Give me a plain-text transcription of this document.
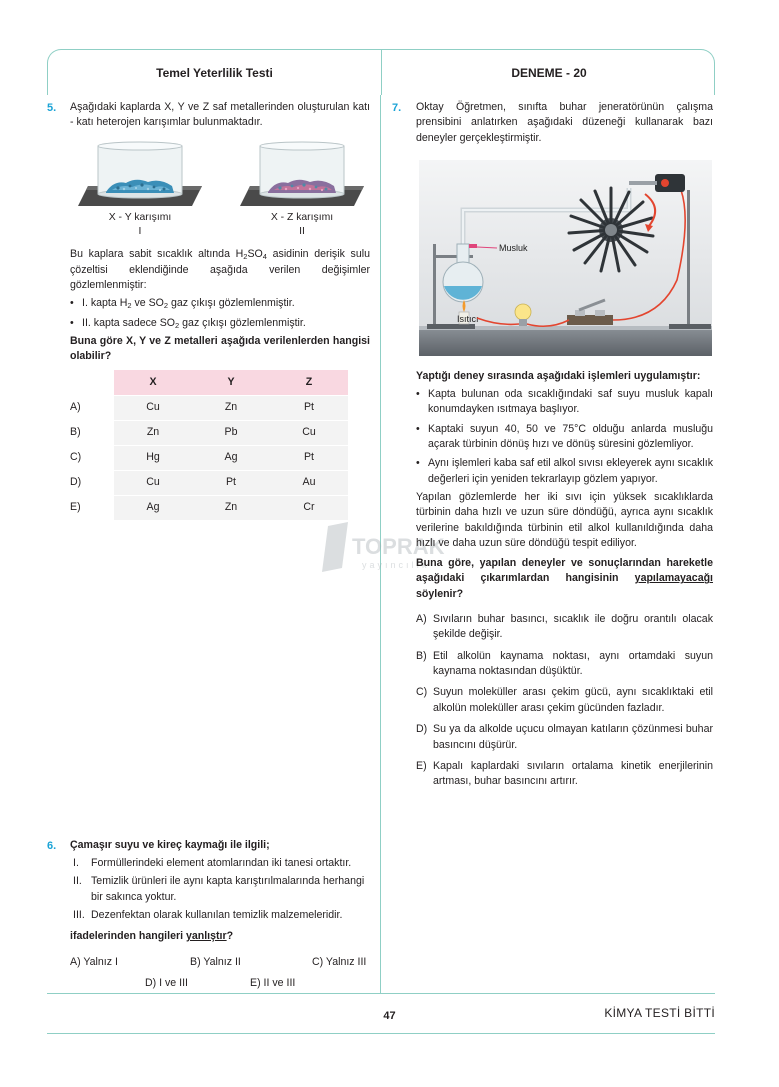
Temel Yeterlilik Testi	DENEME - 20
5. Aşağıdaki kaplarda X, Y ve Z saf metallerinden oluşturulan katı - katı heterojen karışımlar bulunmaktadır.
X - Y karışımı
I
X - Z karışımı
II
Bu kaplara sabit sıcaklık altında $H_2SO_4$ asidinin derişik sulu çözeltisi eklendiğinde aşağıda verilen değişimler gözlemlenmiştir:
• I. kapta $H_2$ ve $SO_2$ gaz çıkışı gözlemlenmiştir.
• II. kapta sadece $SO_2$ gaz çıkışı gözlemlenmiştir.
Buna göre X, Y ve Z metalleri aşağıda verilenlerden hangisi olabilir?
	X	Y	Z
A)	Cu	Zn	Pt
B)	Zn	Pb	Cu
C)	Hg	Ag	Pt
D)	Cu	Pt	Au
E)	Ag	Zn	Cr
TOPRAK
yayıncılık
6. Çamaşır suyu ve kireç kaymağı ile ilgili;
I. Formüllerindeki element atomlarından iki tanesi ortaktır.
II. Temizlik ürünleri ile aynı kapta karıştırılmalarında herhangi bir sakınca yoktur.
III. Dezenfektan olarak kullanılan temizlik malzemeleridir.
ifadelerinden hangileri yanlıştır?
A) Yalnız I	B) Yalnız II	C) Yalnız III
D) I ve III	E) II ve III
7. Oktay Öğretmen, sınıfta buhar jeneratörünün çalışma prensibini anlatırken aşağıdaki düzeneği kullanarak bazı deneyler gerçekleştirmiştir.
Musluk
Isıtıcı
Yaptığı deney sırasında aşağıdaki işlemleri uygulamıştır:
• Kapta bulunan oda sıcaklığındaki saf suyu musluk kapalı konumdayken ısıtmaya başlıyor.
• Kaptaki suyun 40, 50 ve 75°C olduğu anlarda musluğu açarak türbinin dönüş hızı ve dönüş süresini gözlemliyor.
• Aynı işlemleri kaba saf etil alkol sıvısı ekleyerek aynı sıcaklık değerleri için yeniden tekrarlayıp gözlem yapıyor.
Yapılan gözlemlerde her iki sıvı için yüksek sıcaklıklarda türbinin daha hızlı ve uzun süre döndüğü, ayrıca aynı sıcaklık verilerine bakıldığında türbinin etil alkol kullanıldığında daha hızlı ve daha uzun süre döndüğü tespit ediliyor.
Buna göre, yapılan deneyler ve sonuçlarından hareketle aşağıdaki çıkarımlardan hangisinin yapılamayacağı söylenir?
A) Sıvıların buhar basıncı, sıcaklık ile doğru orantılı olacak şekilde değişir.
B) Etil alkolün kaynama noktası, aynı ortamdaki suyun kaynama noktasından düşüktür.
C) Suyun moleküller arası çekim gücü, aynı sıcaklıktaki etil alkolün moleküller arası çekim gücünden fazladır.
D) Su ya da alkolde uçucu olmayan katıların çözünmesi buhar basıncını düşürür.
E) Kapalı kaplardaki sıvıların ortalama kinetik enerjilerinin artması, buhar basıncını artırır.
47	KİMYA TESTİ BİTTİ
